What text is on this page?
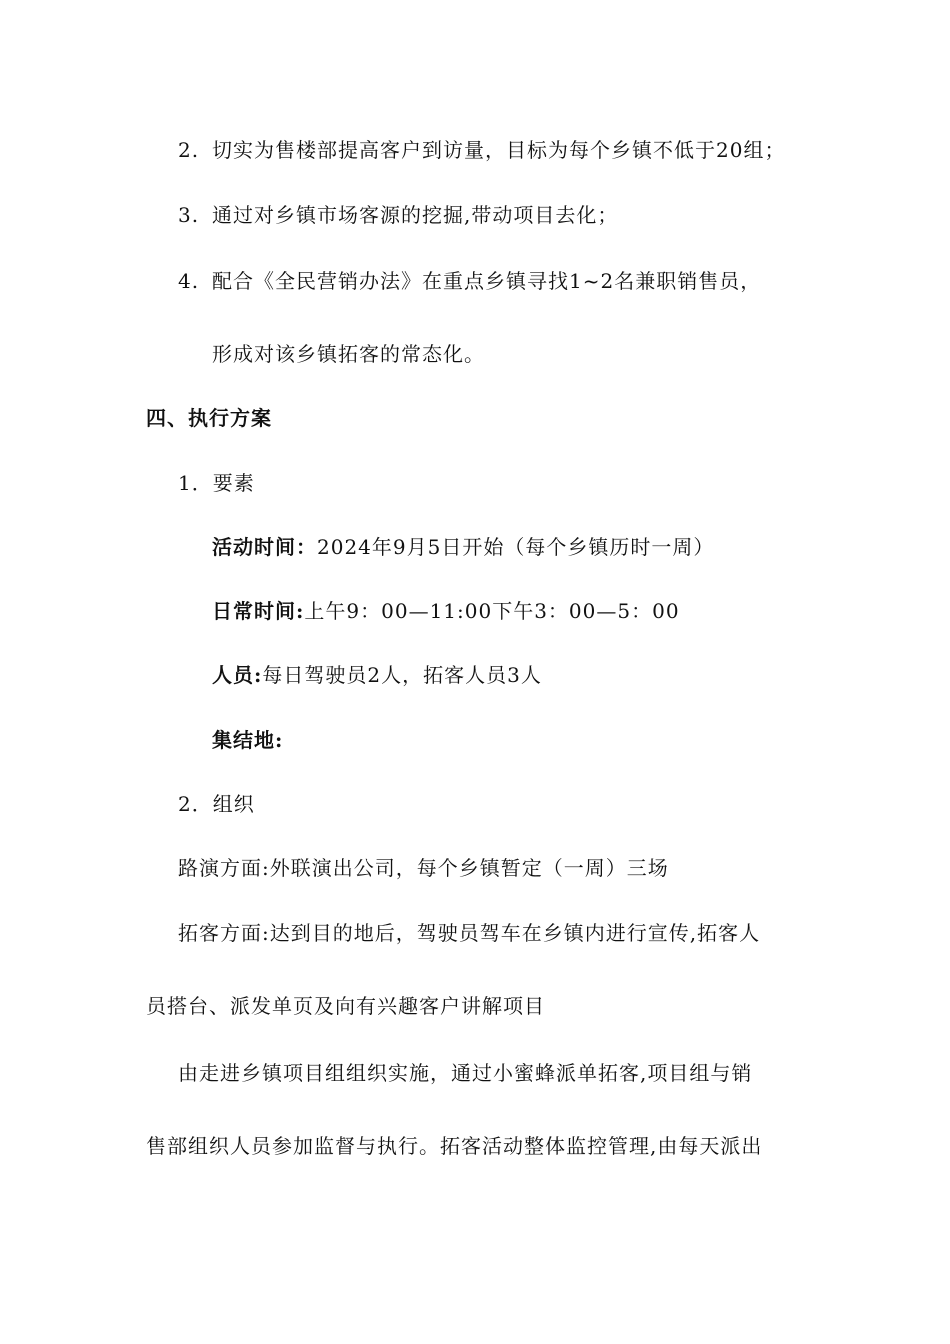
2. 切实为售楼部提高客户到访量，目标为每个乡镇不低于20组；
3. 通过对乡镇市场客源的挖掘,带动项目去化；
4. 配合《全民营销办法》在重点乡镇寻找1~2名兼职销售员，
形成对该乡镇拓客的常态化。
四、执行方案
1．要素
活动时间：2024年9月5日开始（每个乡镇历时一周）
日常时间:上午9：00—11:00下午3：00—5：00
人员:每日驾驶员2人，拓客人员3人
集结地:
2．组织
路演方面:外联演出公司，每个乡镇暂定（一周）三场
拓客方面:达到目的地后，驾驶员驾车在乡镇内进行宣传,拓客人
员搭台、派发单页及向有兴趣客户讲解项目
由走进乡镇项目组组织实施，通过小蜜蜂派单拓客,项目组与销
售部组织人员参加监督与执行。拓客活动整体监控管理,由每天派出
